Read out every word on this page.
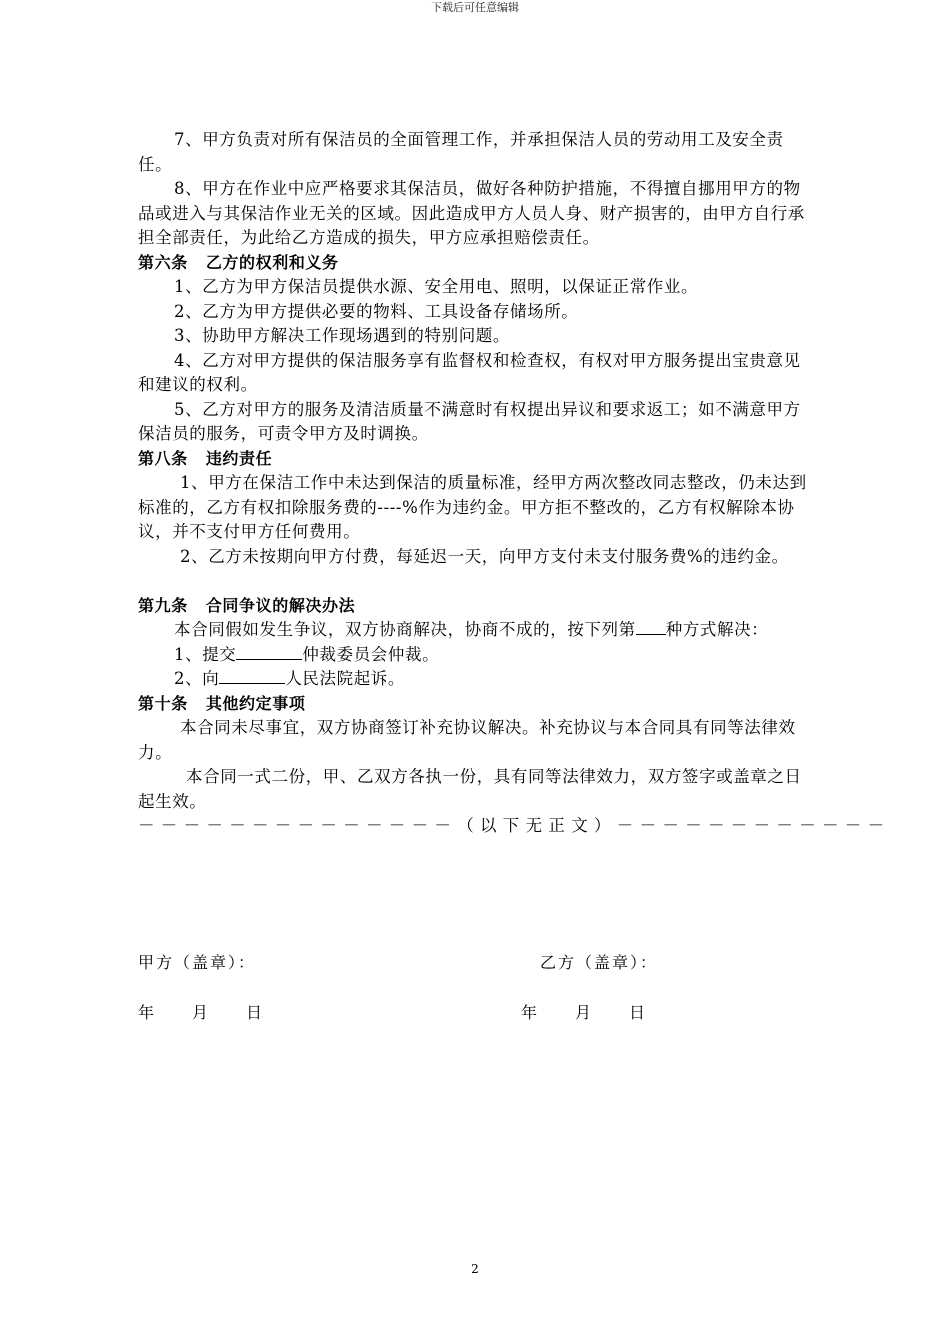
下载后可任意编辑

7、甲方负责对所有保洁员的全面管理工作，并承担保洁人员的劳动用工及安全责任。

8、甲方在作业中应严格要求其保洁员，做好各种防护措施，不得擅自挪用甲方的物品或进入与其保洁作业无关的区域。因此造成甲方人员人身、财产损害的，由甲方自行承担全部责任，为此给乙方造成的损失，甲方应承担赔偿责任。

第六条 乙方的权利和义务

1、乙方为甲方保洁员提供水源、安全用电、照明，以保证正常作业。

2、乙方为甲方提供必要的物料、工具设备存储场所。

3、协助甲方解决工作现场遇到的特别问题。

4、乙方对甲方提供的保洁服务享有监督权和检查权，有权对甲方服务提出宝贵意见和建议的权利。

5、乙方对甲方的服务及清洁质量不满意时有权提出异议和要求返工；如不满意甲方保洁员的服务，可责令甲方及时调换。

第八条 违约责任

1、甲方在保洁工作中未达到保洁的质量标准，经甲方两次整改同志整改，仍未达到标准的，乙方有权扣除服务费的----%作为违约金。甲方拒不整改的，乙方有权解除本协议，并不支付甲方任何费用。

2、乙方未按期向甲方付费，每延迟一天，向甲方支付未支付服务费%的违约金。

第九条 合同争议的解决办法

本合同假如发生争议，双方协商解决，协商不成的，按下列第 种方式解决：

1、提交	仲裁委员会仲裁。

2、向	人民法院起诉。

第十条 其他约定事项

本合同未尽事宜，双方协商签订补充协议解决。补充协议与本合同具有同等法律效力。

本合同一式二份，甲、乙双方各执一份，具有同等法律效力，双方签字或盖章之日起生效。

－－－－－－－－－－－－－－（以下无正文）－－－－－－－－－－－－

甲方（盖章）：	乙方（盖章）：
年　　月　　日	年　　月　　日
2
